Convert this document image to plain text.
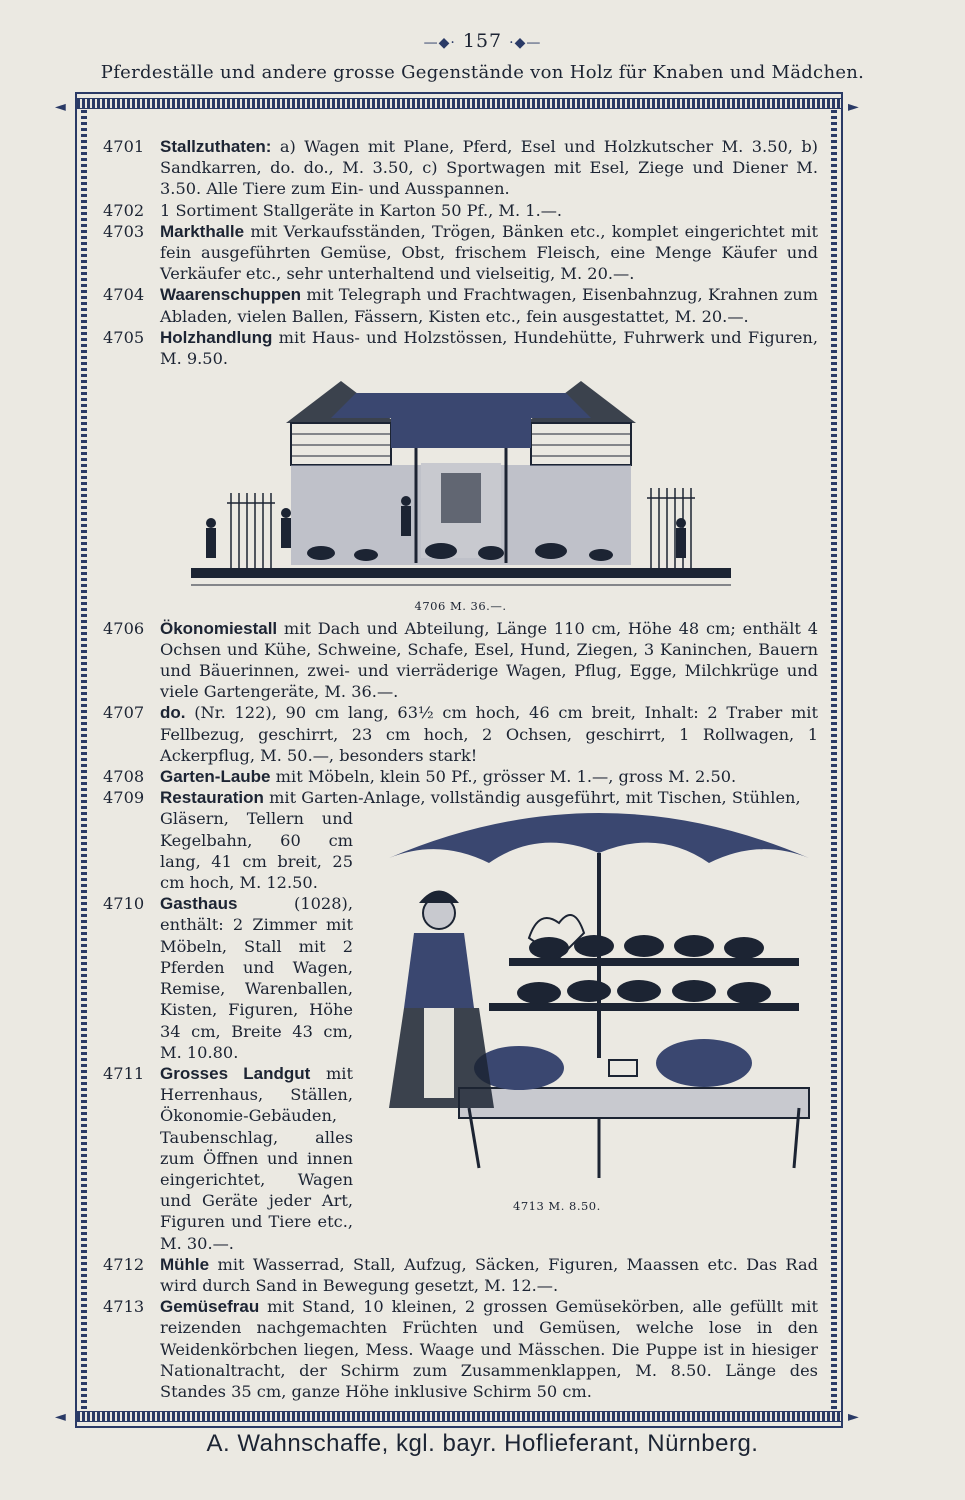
—◆· 157 ·◆—
Pferdeställe und andere grosse Gegenstände von Holz für Knaben und Mädchen.
◄	►
◄	►
4701 Stallzuthaten: a) Wagen mit Plane, Pferd, Esel und Holzkutscher M. 3.50, b) Sandkarren, do. do., M. 3.50, c) Sportwagen mit Esel, Ziege und Diener M. 3.50. Alle Tiere zum Ein- und Ausspannen.
4702 1 Sortiment Stallgeräte in Karton 50 Pf., M. 1.—.
4703 Markthalle mit Verkaufsständen, Trögen, Bänken etc., komplet eingerichtet mit fein ausgeführten Gemüse, Obst, frischem Fleisch, eine Menge Käufer und Verkäufer etc., sehr unterhaltend und vielseitig, M. 20.—.
4704 Waarenschuppen mit Telegraph und Frachtwagen, Eisenbahnzug, Krahnen zum Abladen, vielen Ballen, Fässern, Kisten etc., fein ausgestattet, M. 20.—.
4705 Holzhandlung mit Haus- und Holzstössen, Hundehütte, Fuhrwerk und Figuren, M. 9.50.
4706 M. 36.—.
4706 Ökonomiestall mit Dach und Abteilung, Länge 110 cm, Höhe 48 cm; enthält 4 Ochsen und Kühe, Schweine, Schafe, Esel, Hund, Ziegen, 3 Kaninchen, Bauern und Bäuerinnen, zwei- und vierräderige Wagen, Pflug, Egge, Milchkrüge und viele Gartengeräte, M. 36.—.
4707 do. (Nr. 122), 90 cm lang, 63½ cm hoch, 46 cm breit, Inhalt: 2 Traber mit Fellbezug, geschirrt, 23 cm hoch, 2 Ochsen, geschirrt, 1 Rollwagen, 1 Ackerpflug, M. 50.—, besonders stark!
4708 Garten-Laube mit Möbeln, klein 50 Pf., grösser M. 1.—, gross M. 2.50.
4709 Restauration mit Garten-Anlage, vollständig ausgeführt, mit Tischen, Stühlen,
Gläsern, Tellern und Kegelbahn, 60 cm lang, 41 cm breit, 25 cm hoch, M. 12.50.
4710 Gasthaus (1028), enthält: 2 Zimmer mit Möbeln, Stall mit 2 Pferden und Wagen, Remise, Warenballen, Kisten, Figuren, Höhe 34 cm, Breite 43 cm, M. 10.80.
4711 Grosses Landgut mit Herrenhaus, Ställen, Ökonomie-Gebäuden, Taubenschlag, alles zum Öffnen und innen eingerichtet, Wagen und Geräte jeder Art, Figuren und Tiere etc., M. 30.—.
4713 M. 8.50.
4712 Mühle mit Wasserrad, Stall, Aufzug, Säcken, Figuren, Maassen etc. Das Rad wird durch Sand in Bewegung gesetzt, M. 12.—.
4713 Gemüsefrau mit Stand, 10 kleinen, 2 grossen Gemüsekörben, alle gefüllt mit reizenden nachgemachten Früchten und Gemüsen, welche lose in den Weidenkörbchen liegen, Mess. Waage und Mässchen. Die Puppe ist in hiesiger Nationaltracht, der Schirm zum Zusammenklappen, M. 8.50. Länge des Standes 35 cm, ganze Höhe inklusive Schirm 50 cm.
A. Wahnschaffe, kgl. bayr. Hoflieferant, Nürnberg.
